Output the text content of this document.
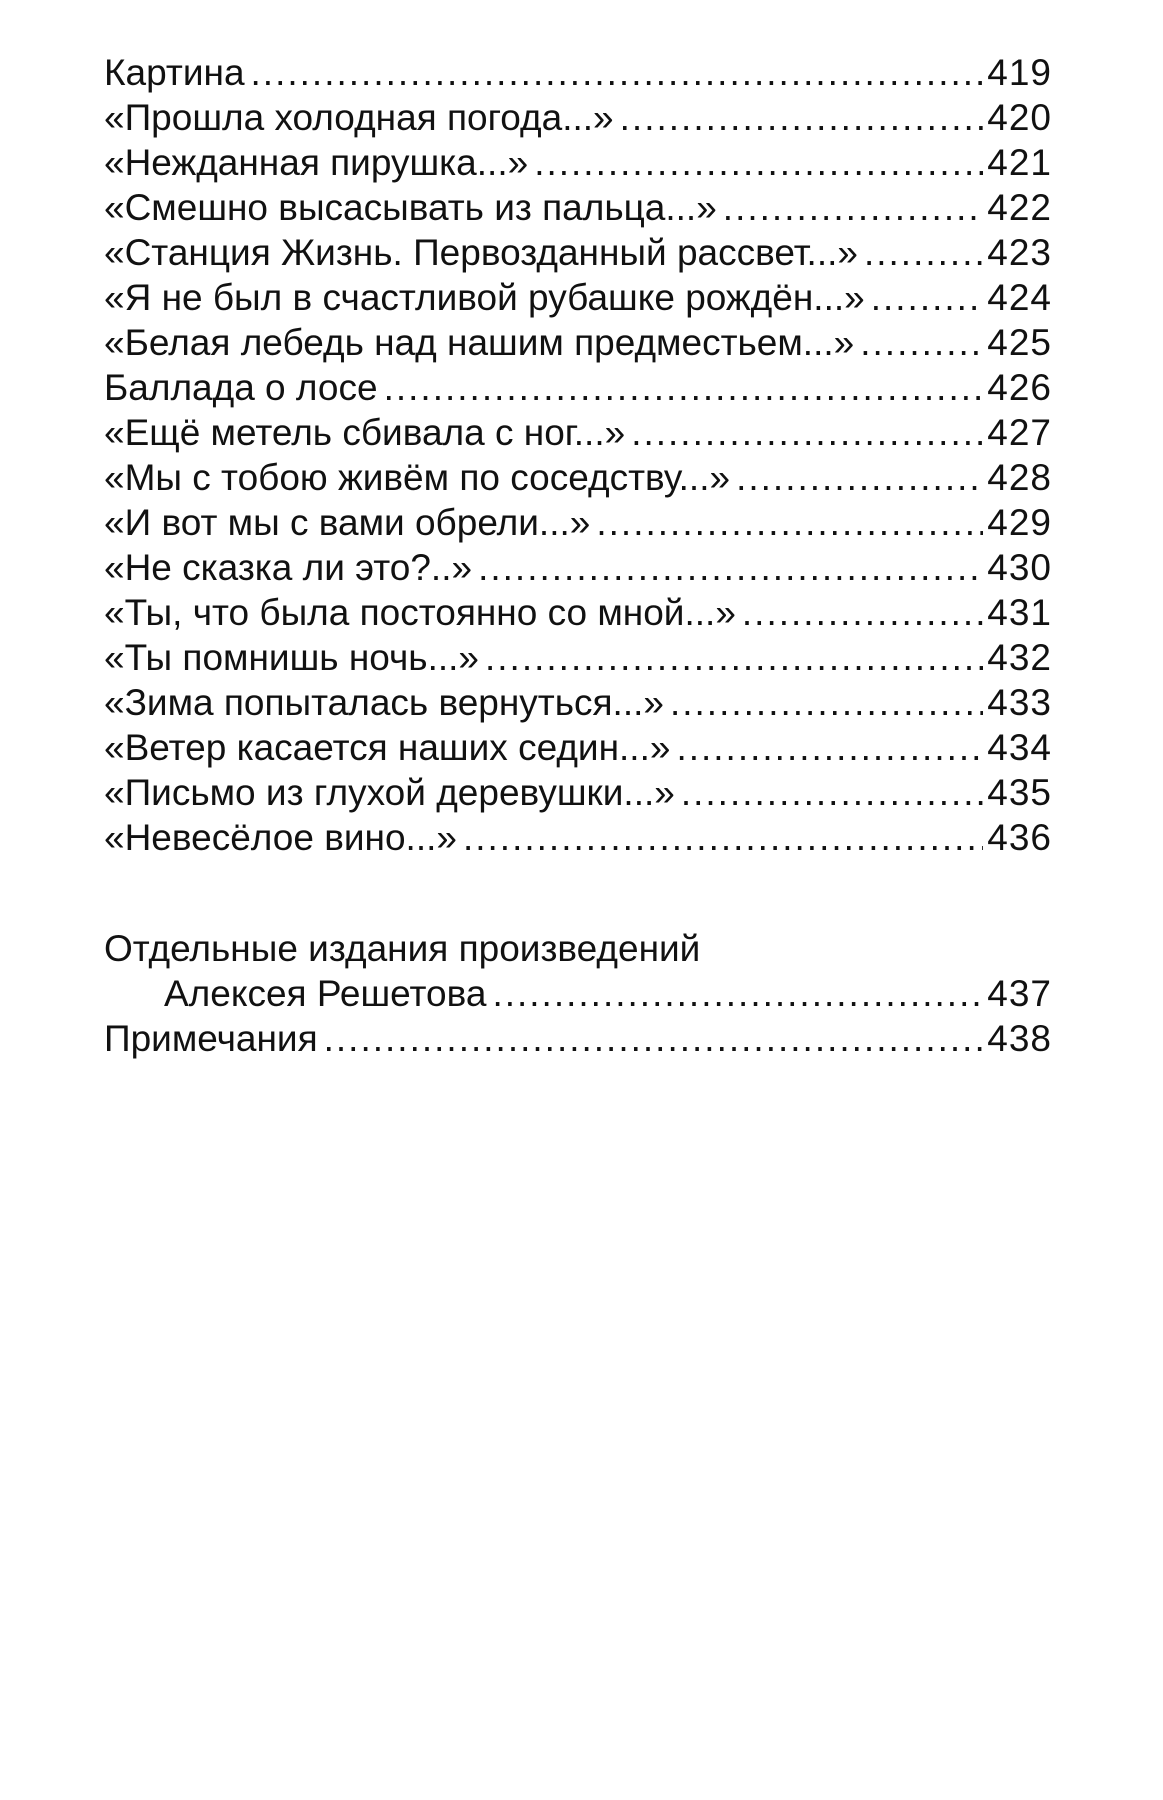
Картина .....	419
«Прошла холодная погода...» .....	420
«Нежданная пирушка...» .....	421
«Смешно высасывать из пальца...» .....	422
«Станция Жизнь. Первозданный рассвет...» .....	423
«Я не был в счастливой рубашке рождён...» .....	424
«Белая лебедь над нашим предместьем...» .....	425
Баллада о лосе .....	426
«Ещё метель сбивала с ног...» .....	427
«Мы с тобою живём по соседству...» .....	428
«И вот мы с вами обрели...» .....	429
«Не сказка ли это?..» .....	430
«Ты, что была постоянно со мной...» .....	431
«Ты помнишь ночь...» .....	432
«Зима попыталась вернуться...» .....	433
«Ветер касается наших седин...» .....	434
«Письмо из глухой деревушки...» .....	435
«Невесёлое вино...» .....	436
Отдельные издания произведений
Алексея Решетова .....	437
Примечания .....	438
